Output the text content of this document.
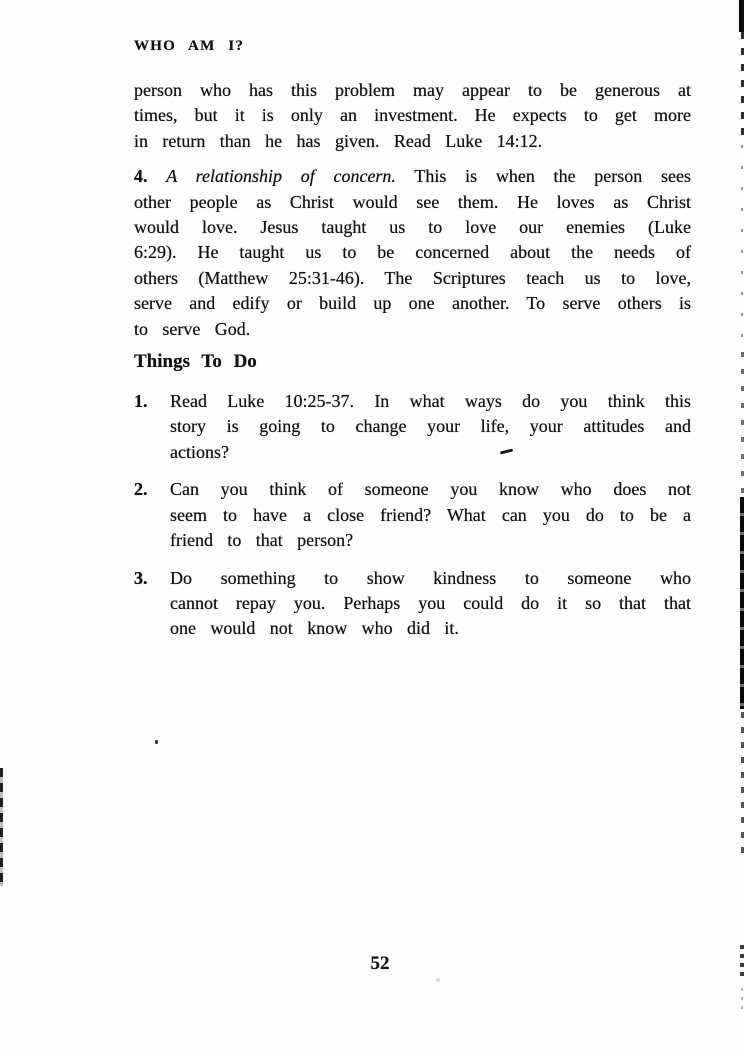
WHO AM I?
person who has this problem may appear to be generous at
times, but it is only an investment. He expects to get more
in return than he has given. Read Luke 14:12.
4. A relationship of concern. This is when the person sees
other people as Christ would see them. He loves as Christ
would love. Jesus taught us to love our enemies (Luke
6:29). He taught us to be concerned about the needs of
others (Matthew 25:31-46). The Scriptures teach us to love,
serve and edify or build up one another. To serve others is
to serve God.
Things To Do
1. Read Luke 10:25-37. In what ways do you think this
story is going to change your life, your attitudes and
actions?
2. Can you think of someone you know who does not
seem to have a close friend? What can you do to be a
friend to that person?
3. Do something to show kindness to someone who
cannot repay you. Perhaps you could do it so that that
one would not know who did it.
52
